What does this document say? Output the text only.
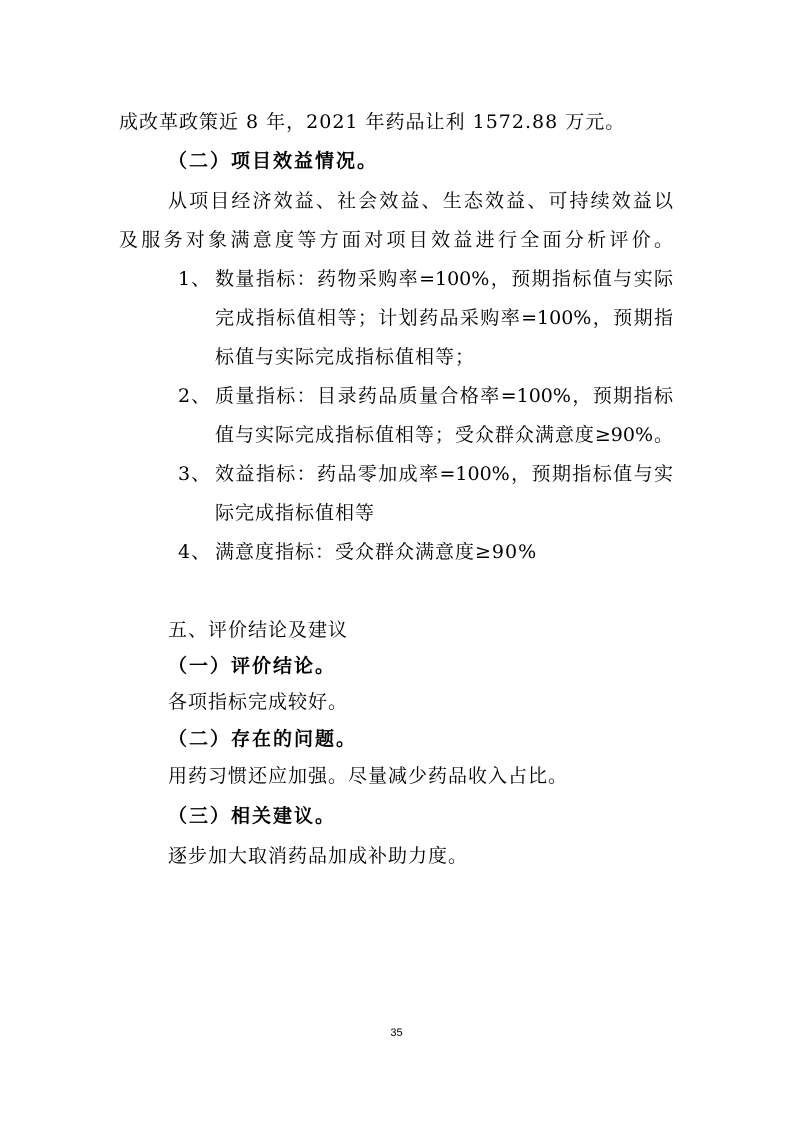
成改革政策近 8 年，2021 年药品让利 1572.88 万元。
（二）项目效益情况。
从项目经济效益、社会效益、生态效益、可持续效益以
及服务对象满意度等方面对项目效益进行全面分析评价。
1、 数量指标：药物采购率=100%，预期指标值与实际
完成指标值相等；计划药品采购率=100%，预期指
标值与实际完成指标值相等；
2、 质量指标：目录药品质量合格率=100%，预期指标
值与实际完成指标值相等；受众群众满意度≥90%。
3、 效益指标：药品零加成率=100%，预期指标值与实
际完成指标值相等
4、 满意度指标：受众群众满意度≥90%
五、评价结论及建议
（一）评价结论。
各项指标完成较好。
（二）存在的问题。
用药习惯还应加强。尽量减少药品收入占比。
（三）相关建议。
逐步加大取消药品加成补助力度。
35
